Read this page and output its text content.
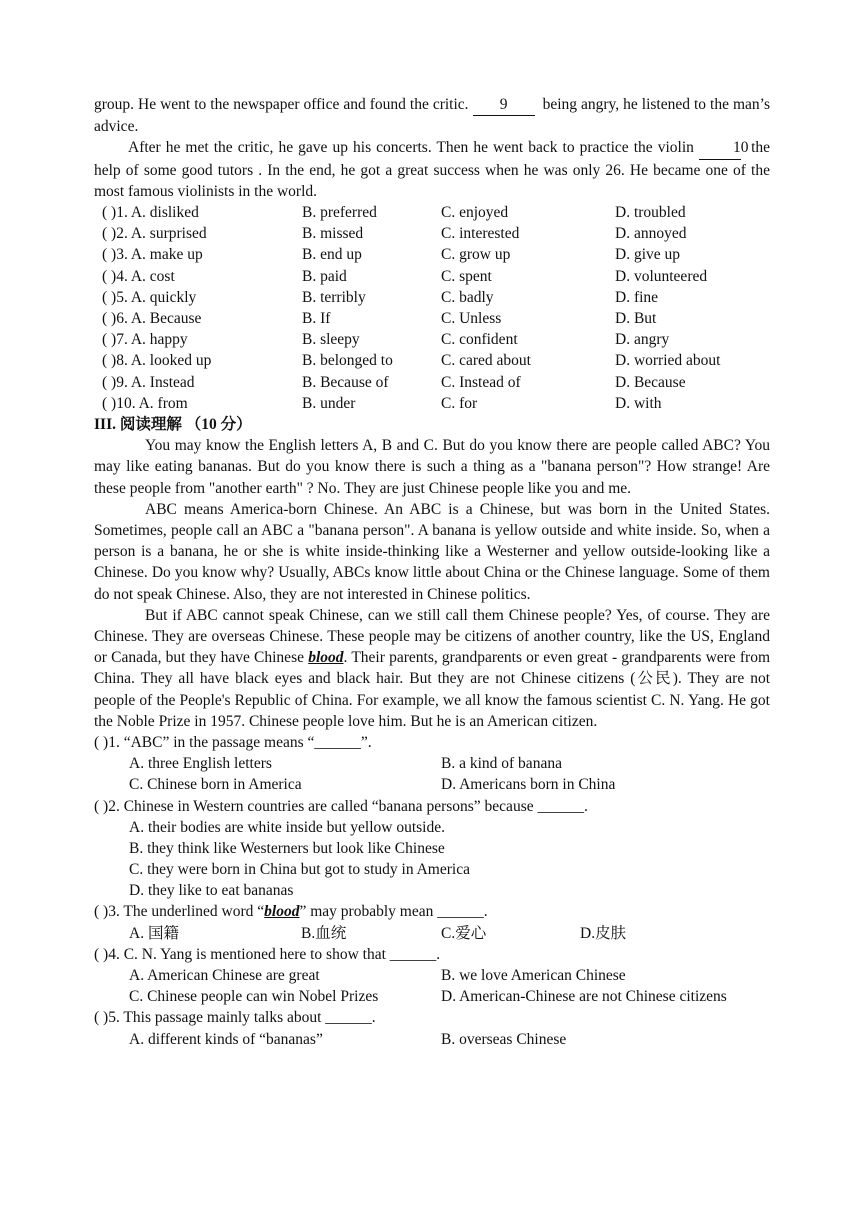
group. He went to the newspaper office and found the critic. 9 being angry, he listened to the man’s advice.

After he met the critic, he gave up his concerts. Then he went back to practice the violin	10 the help of some good tutors . In the end, he got a great success when he was only 26. He became one of the most famous violinists in the world.

( )1. A. disliked	B. preferred	C. enjoyed	D. troubled
( )2. A. surprised	B. missed	C. interested	D. annoyed
( )3. A. make up	B. end up	C. grow up	D. give up
( )4. A. cost	B. paid	C. spent	D. volunteered
( )5. A. quickly	B. terribly	C. badly	D. fine
( )6. A. Because	B. If	C. Unless	D. But
( )7. A. happy	B. sleepy	C. confident	D. angry
( )8. A. looked up	B. belonged to	C. cared about	D. worried about
( )9. A. Instead	B. Because of	C. Instead of	D. Because
( )10. A. from	B. under	C. for	D. with
III. 阅读理解 （10 分）

You may know the English letters A, B and C. But do you know there are people called ABC? You may like eating bananas. But do you know there is such a thing as a "banana person"? How strange! Are these people from "another earth" ? No. They are just Chinese people like you and me.

ABC means America-born Chinese. An ABC is a Chinese, but was born in the United States. Sometimes, people call an ABC a "banana person". A banana is yellow outside and white inside. So, when a person is a banana, he or she is white inside-thinking like a Westerner and yellow outside-looking like a Chinese. Do you know why? Usually, ABCs know little about China or the Chinese language. Some of them do not speak Chinese. Also, they are not interested in Chinese politics.

But if ABC cannot speak Chinese, can we still call them Chinese people? Yes, of course. They are Chinese. They are overseas Chinese. These people may be citizens of another country, like the US, England or Canada, but they have Chinese blood. Their parents, grandparents or even great - grandparents were from China. They all have black eyes and black hair. But they are not Chinese citizens (公民). They are not people of the People's Republic of China. For example, we all know the famous scientist C. N. Yang. He got the Noble Prize in 1957. Chinese people love him. But he is an American citizen.

( )1. “ABC” in the passage means “______”.
A. three English letters	B. a kind of banana
C. Chinese born in America	D. Americans born in China
( )2. Chinese in Western countries are called “banana persons” because ______.
A. their bodies are white inside but yellow outside.
B. they think like Westerners but look like Chinese
C. they were born in China but got to study in America
D. they like to eat bananas
( )3. The underlined word “blood” may probably mean ______.
A. 国籍	B.血统	C.爱心	D.皮肤
( )4. C. N. Yang is mentioned here to show that ______.
A. American Chinese are great	B. we love American Chinese
C. Chinese people can win Nobel Prizes	D. American-Chinese are not Chinese citizens
( )5. This passage mainly talks about ______.
A. different kinds of “bananas”	B. overseas Chinese
